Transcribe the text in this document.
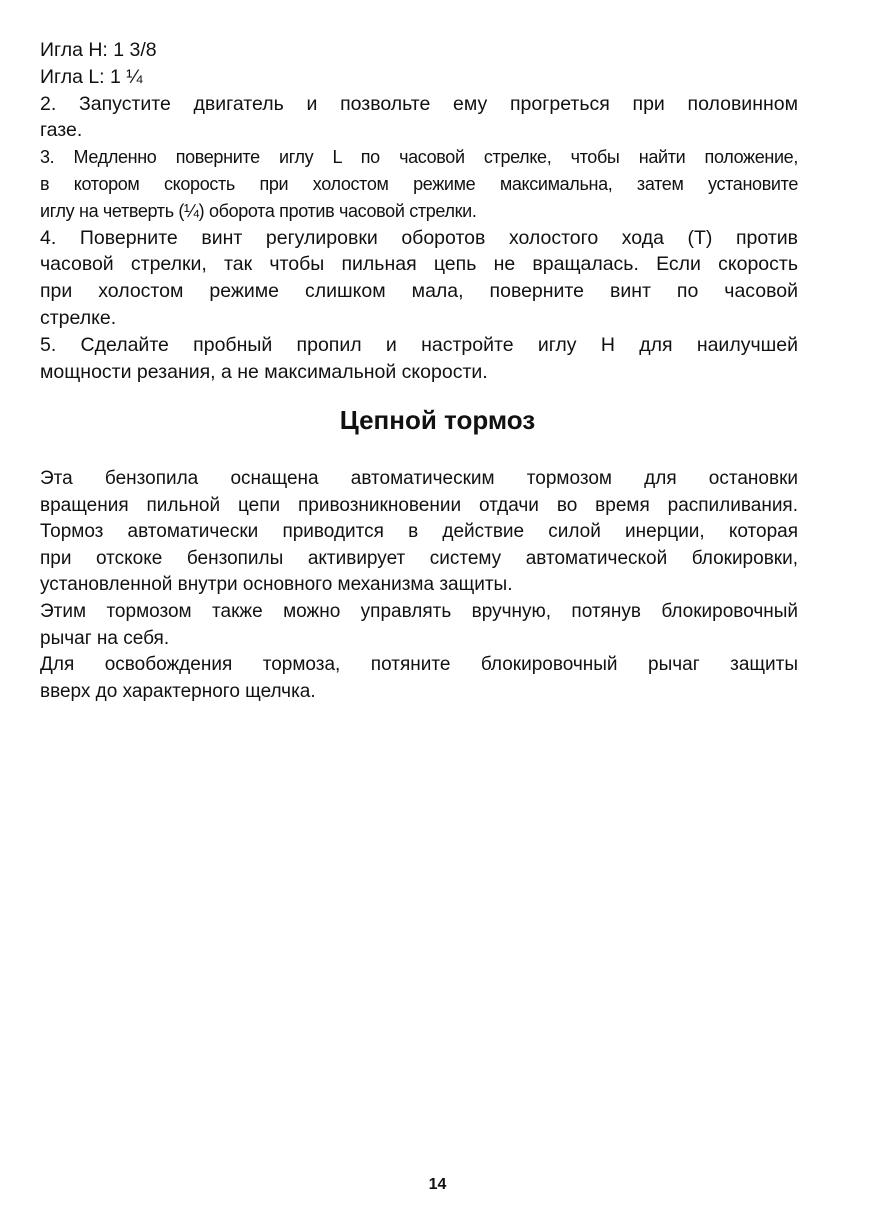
Игла H: 1 3/8
Игла L: 1 ¼
2. Запустите двигатель и позвольте ему прогреться при половинном
газе.
3. Медленно поверните иглу L по часовой стрелке, чтобы найти положение,
в котором скорость при холостом режиме максимальна, затем установите
иглу на четверть (¼) оборота против часовой стрелки.
4. Поверните винт регулировки оборотов холостого хода (T) против
часовой стрелки, так чтобы пильная цепь не вращалась. Если скорость
при холостом режиме слишком мала, поверните винт по часовой
стрелке.
5. Сделайте пробный пропил и настройте иглу H для наилучшей
мощности резания, а не максимальной скорости.
Цепной тормоз
Эта бензопила оснащена автоматическим тормозом для остановки
вращения пильной цепи привозникновении отдачи во время распиливания.
Тормоз автоматически приводится в действие силой инерции, которая
при отскоке бензопилы активирует систему автоматической блокировки,
установленной внутри основного механизма защиты.
Этим тормозом также можно управлять вручную, потянув блокировочный
рычаг на себя.
Для освобождения тормоза, потяните блокировочный рычаг защиты
вверх до характерного щелчка.
14
